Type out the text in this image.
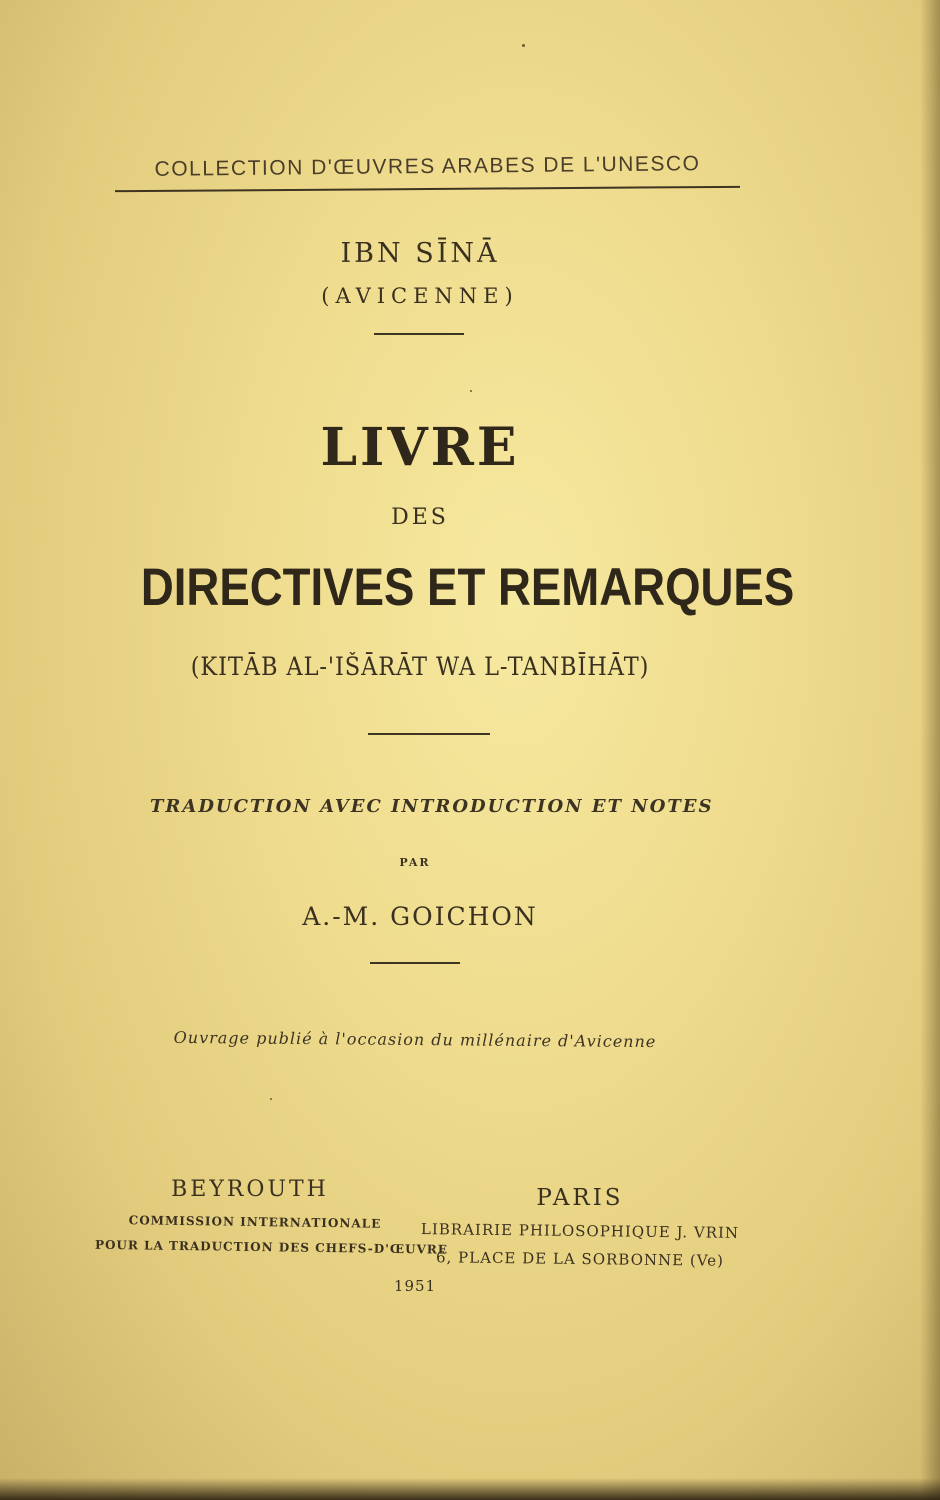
COLLECTION D'ŒUVRES ARABES DE L'UNESCO
IBN SĪNĀ
(AVICENNE)
LIVRE
DES
DIRECTIVES ET REMARQUES
(KITĀB AL-'IŠĀRĀT WA L-TANBĪHĀT)
TRADUCTION AVEC INTRODUCTION ET NOTES
PAR
A.-M. GOICHON
Ouvrage publié à l'occasion du millénaire d'Avicenne
BEYROUTH
COMMISSION INTERNATIONALE
POUR LA TRADUCTION DES CHEFS-D'ŒUVRE
PARIS
LIBRAIRIE PHILOSOPHIQUE J. VRIN
6, PLACE DE LA SORBONNE (Ve)
1951
